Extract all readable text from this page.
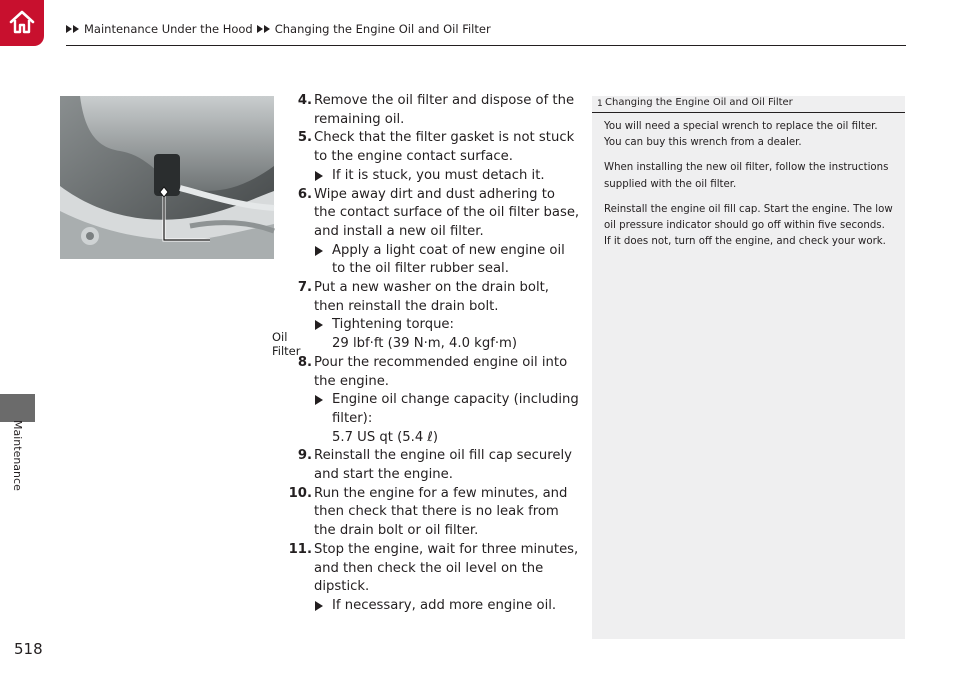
Maintenance Under the Hood Changing the Engine Oil and Oil Filter
Maintenance
518
Oil Filter
4. Remove the oil filter and dispose of the remaining oil.
5. Check that the filter gasket is not stuck to the engine contact surface.
If it is stuck, you must detach it.
6. Wipe away dirt and dust adhering to the contact surface of the oil filter base, and install a new oil filter.
Apply a light coat of new engine oil to the oil filter rubber seal.
7. Put a new washer on the drain bolt, then reinstall the drain bolt.
Tightening torque:
29 lbf·ft (39 N·m, 4.0 kgf·m)
8. Pour the recommended engine oil into the engine.
Engine oil change capacity (including filter):
5.7 US qt (5.4 ℓ)
9. Reinstall the engine oil fill cap securely and start the engine.
10. Run the engine for a few minutes, and then check that there is no leak from the drain bolt or oil filter.
11. Stop the engine, wait for three minutes, and then check the oil level on the dipstick.
If necessary, add more engine oil.
1 Changing the Engine Oil and Oil Filter

You will need a special wrench to replace the oil filter. You can buy this wrench from a dealer.

When installing the new oil filter, follow the instructions supplied with the oil filter.

Reinstall the engine oil fill cap. Start the engine. The low oil pressure indicator should go off within five seconds. If it does not, turn off the engine, and check your work.
